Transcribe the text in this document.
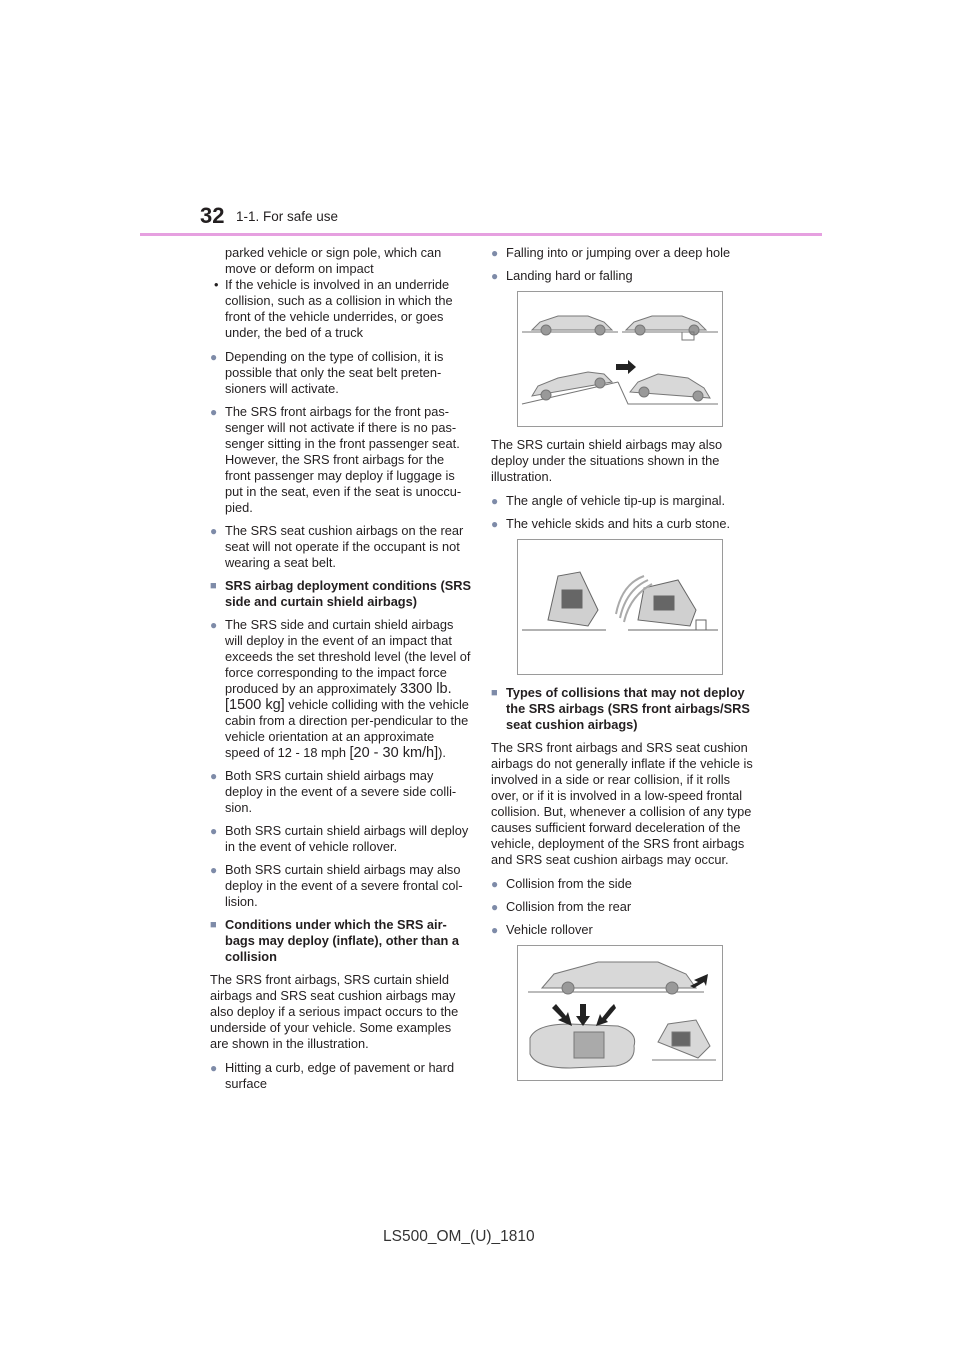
32 1-1. For safe use
parked vehicle or sign pole, which can move or deform on impact
• If the vehicle is involved in an underride collision, such as a collision in which the front of the vehicle underrides, or goes under, the bed of a truck
● Depending on the type of collision, it is possible that only the seat belt preten-sioners will activate.
● The SRS front airbags for the front pas-senger will not activate if there is no pas-senger sitting in the front passenger seat. However, the SRS front airbags for the front passenger may deploy if luggage is put in the seat, even if the seat is unoccu-pied.
● The SRS seat cushion airbags on the rear seat will not operate if the occupant is not wearing a seat belt.
■ SRS airbag deployment conditions (SRS side and curtain shield airbags)
● The SRS side and curtain shield airbags will deploy in the event of an impact that exceeds the set threshold level (the level of force corresponding to the impact force produced by an approximately 3300 lb. [1500 kg] vehicle colliding with the vehicle cabin from a direction per-pendicular to the vehicle orientation at an approximate speed of 12 - 18 mph [20 - 30 km/h]).
● Both SRS curtain shield airbags may deploy in the event of a severe side colli-sion.
● Both SRS curtain shield airbags will deploy in the event of vehicle rollover.
● Both SRS curtain shield airbags may also deploy in the event of a severe frontal col-lision.
■ Conditions under which the SRS air-bags may deploy (inflate), other than a collision
The SRS front airbags, SRS curtain shield airbags and SRS seat cushion airbags may also deploy if a serious impact occurs to the underside of your vehicle. Some examples are shown in the illustration.
● Hitting a curb, edge of pavement or hard surface
● Falling into or jumping over a deep hole
● Landing hard or falling
The SRS curtain shield airbags may also deploy under the situations shown in the illustration.
● The angle of vehicle tip-up is marginal.
● The vehicle skids and hits a curb stone.
■ Types of collisions that may not deploy the SRS airbags (SRS front airbags/SRS seat cushion airbags)
The SRS front airbags and SRS seat cushion airbags do not generally inflate if the vehicle is involved in a side or rear collision, if it rolls over, or if it is involved in a low-speed frontal collision. But, whenever a collision of any type causes sufficient forward deceleration of the vehicle, deployment of the SRS front airbags and SRS seat cushion airbags may occur.
● Collision from the side
● Collision from the rear
● Vehicle rollover
LS500_OM_(U)_1810
